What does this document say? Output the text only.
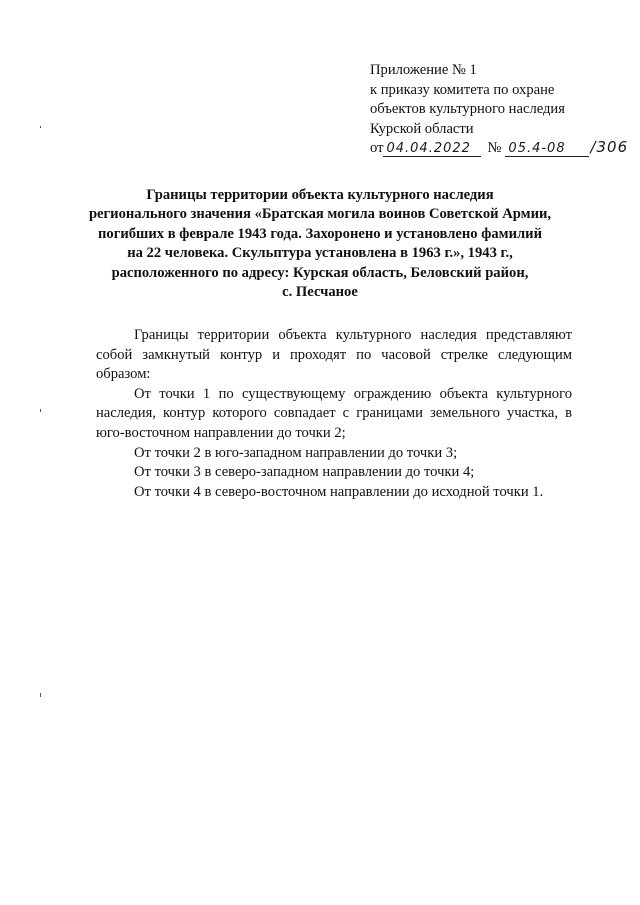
Приложение № 1
к приказу комитета по охране
объектов культурного наследия
Курской области
от 04.04.2022	№ 05.4-08	/306
Границы территории объекта культурного наследия
регионального значения «Братская могила воинов Советской Армии,
погибших в феврале 1943 года. Захоронено и установлено фамилий
на 22 человека. Скульптура установлена в 1963 г.», 1943 г.,
расположенного по адресу: Курская область, Беловский район,
с. Песчаное
Границы территории объекта культурного наследия представляют собой замкнутый контур и проходят по часовой стрелке следующим образом:
От точки 1 по существующему ограждению объекта культурного наследия, контур которого совпадает с границами земельного участка, в юго-восточном направлении до точки 2;
От точки 2 в юго-западном направлении до точки 3;
От точки 3 в северо-западном направлении до точки 4;
От точки 4 в северо-восточном направлении до исходной точки 1.
